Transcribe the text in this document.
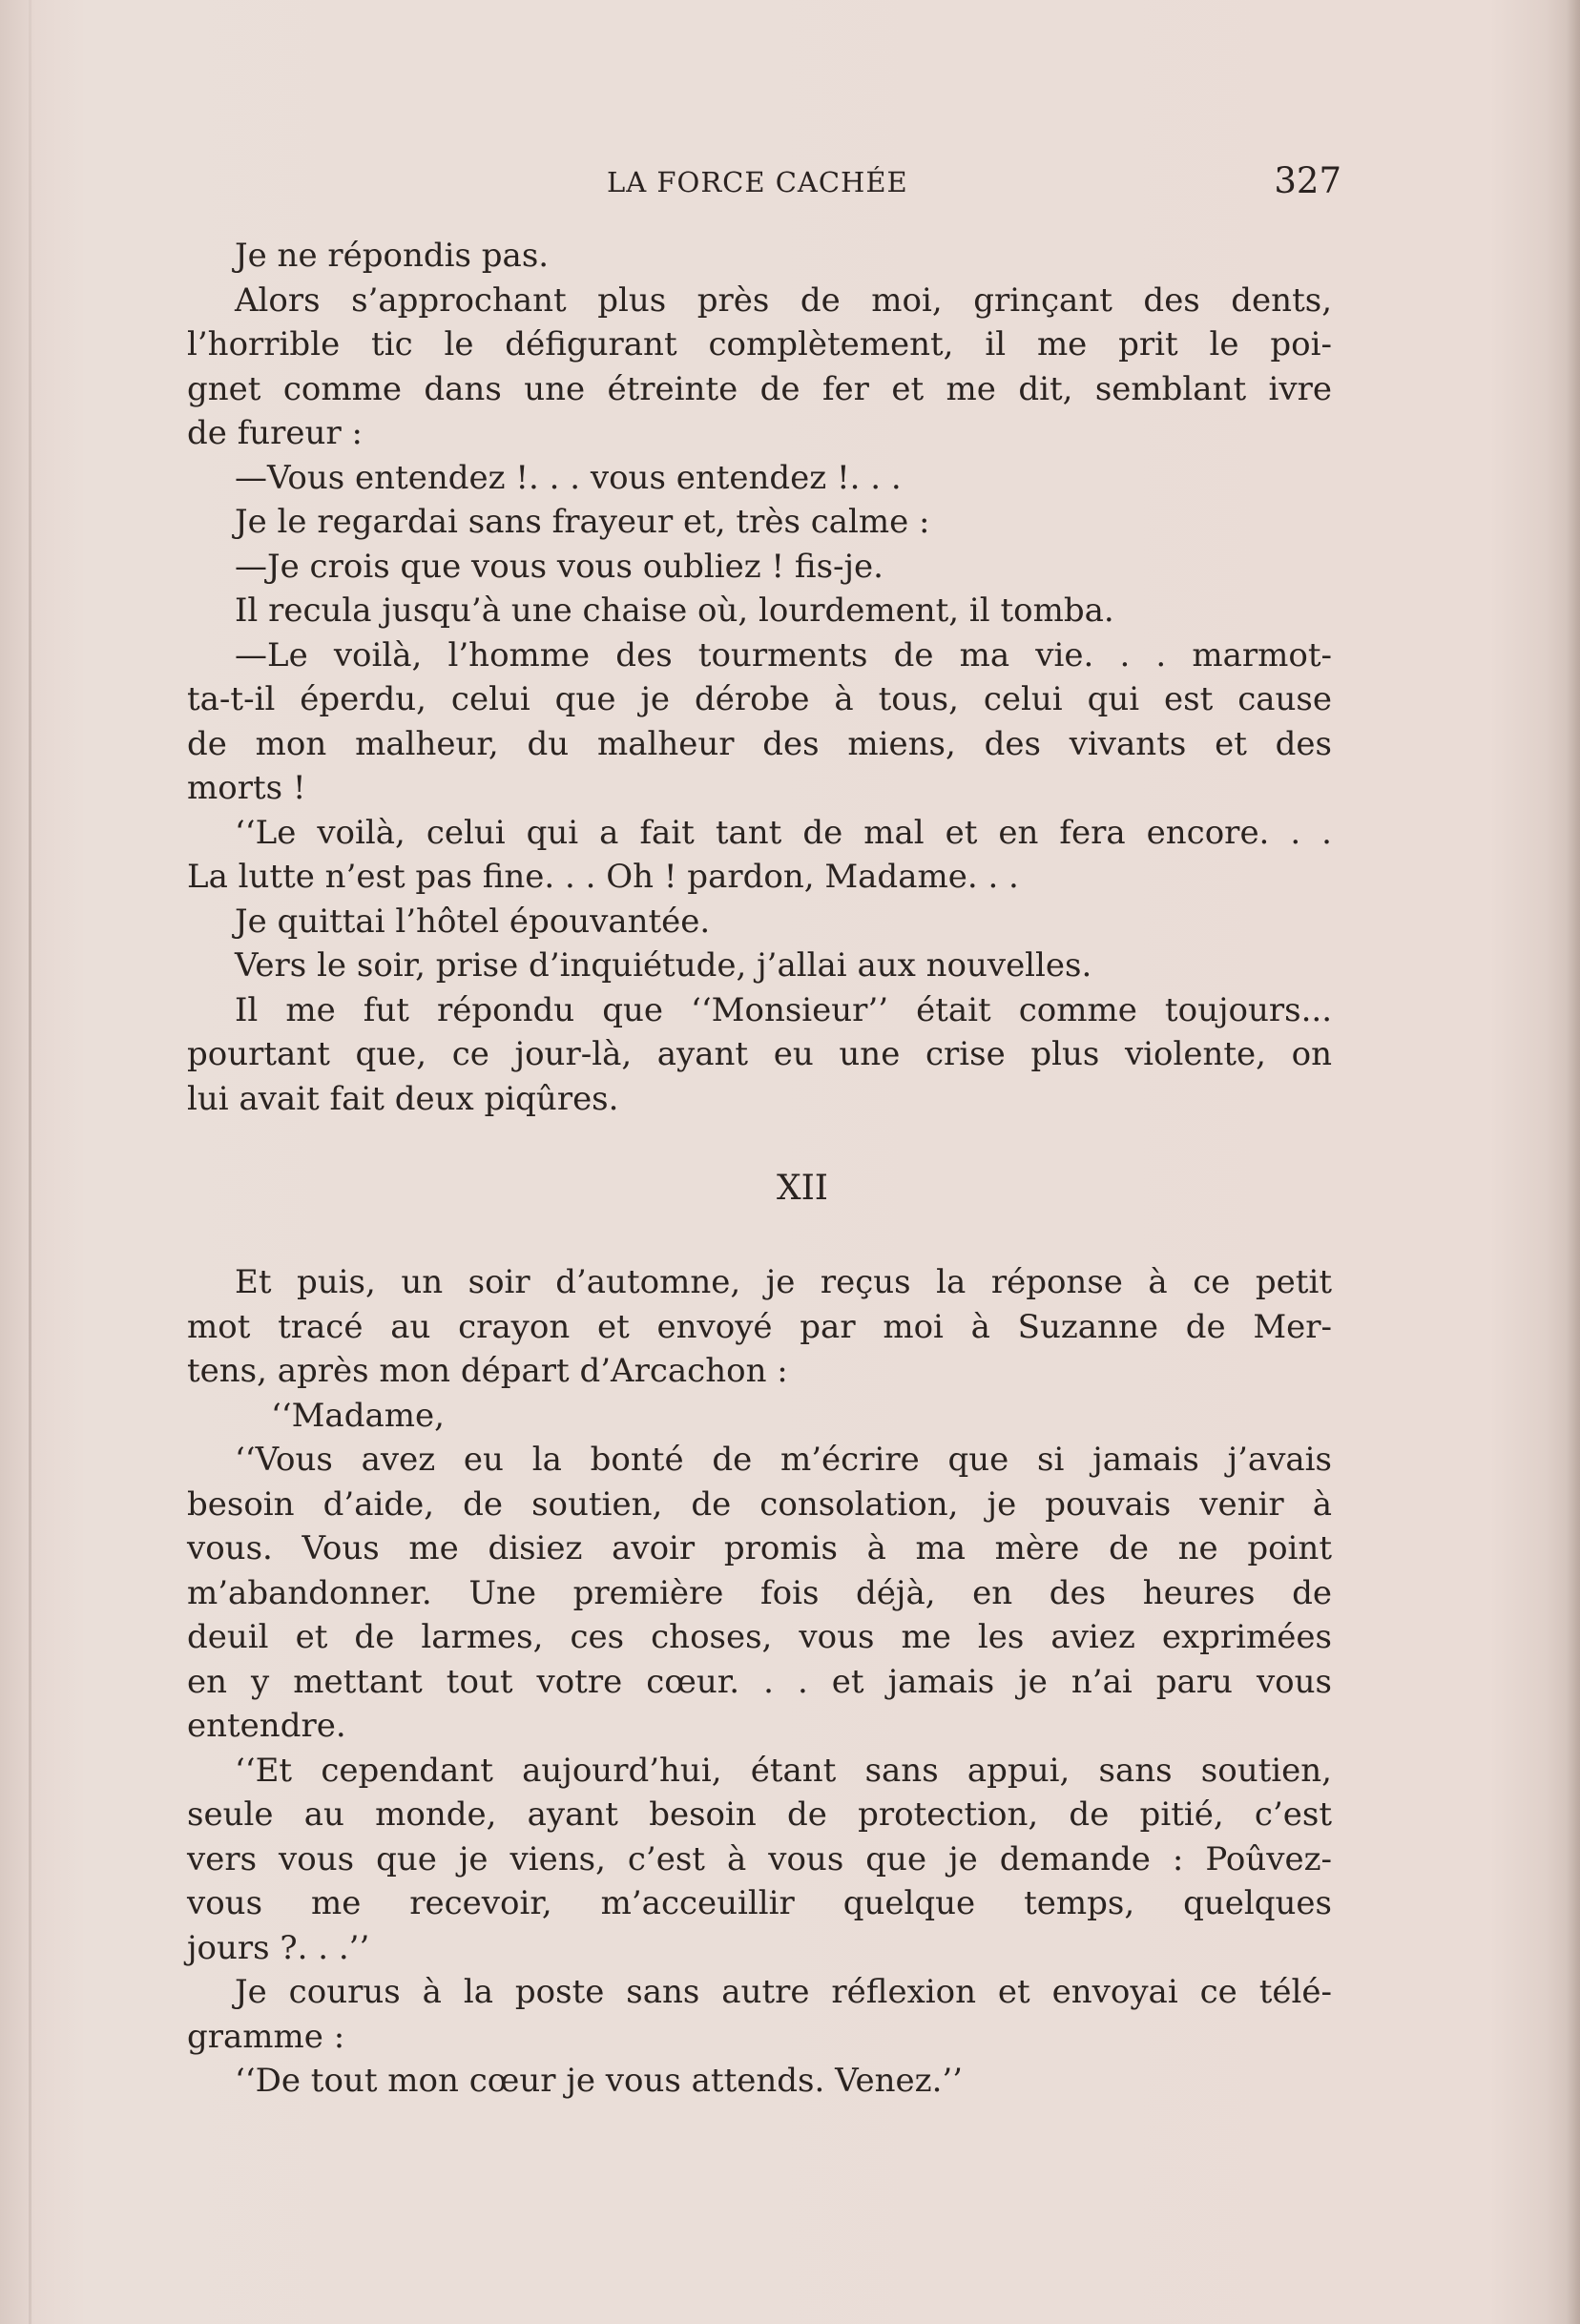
LA FORCE CACHÉE	327
Je ne répondis pas.
Alors s’approchant plus près de moi, grinçant des dents,
l’horrible tic le défigurant complètement, il me prit le poi-
gnet comme dans une étreinte de fer et me dit, semblant ivre
de fureur :
—Vous entendez !. . . vous entendez !. . .
Je le regardai sans frayeur et, très calme :
—Je crois que vous vous oubliez ! fis-je.
Il recula jusqu’à une chaise où, lourdement, il tomba.
—Le voilà, l’homme des tourments de ma vie. . . marmot-
ta-t-il éperdu, celui que je dérobe à tous, celui qui est cause
de mon malheur, du malheur des miens, des vivants et des
morts !
‘‘Le voilà, celui qui a fait tant de mal et en fera encore. . .
La lutte n’est pas fine. . . Oh ! pardon, Madame. . .
Je quittai l’hôtel épouvantée.
Vers le soir, prise d’inquiétude, j’allai aux nouvelles.
Il me fut répondu que ‘‘Monsieur’’ était comme toujours...
pourtant que, ce jour-là, ayant eu une crise plus violente, on
lui avait fait deux piqûres.
XII
Et puis, un soir d’automne, je reçus la réponse à ce petit
mot tracé au crayon et envoyé par moi à Suzanne de Mer-
tens, après mon départ d’Arcachon :
‘‘Madame,
‘‘Vous avez eu la bonté de m’écrire que si jamais j’avais
besoin d’aide, de soutien, de consolation, je pouvais venir à
vous. Vous me disiez avoir promis à ma mère de ne point
m’abandonner. Une première fois déjà, en des heures de
deuil et de larmes, ces choses, vous me les aviez exprimées
en y mettant tout votre cœur. . . et jamais je n’ai paru vous
entendre.
‘‘Et cependant aujourd’hui, étant sans appui, sans soutien,
seule au monde, ayant besoin de protection, de pitié, c’est
vers vous que je viens, c’est à vous que je demande : Poûvez-
vous me recevoir, m’acceuillir quelque temps, quelques
jours ?. . .’’
Je courus à la poste sans autre réflexion et envoyai ce télé-
gramme :
‘‘De tout mon cœur je vous attends. Venez.’’
